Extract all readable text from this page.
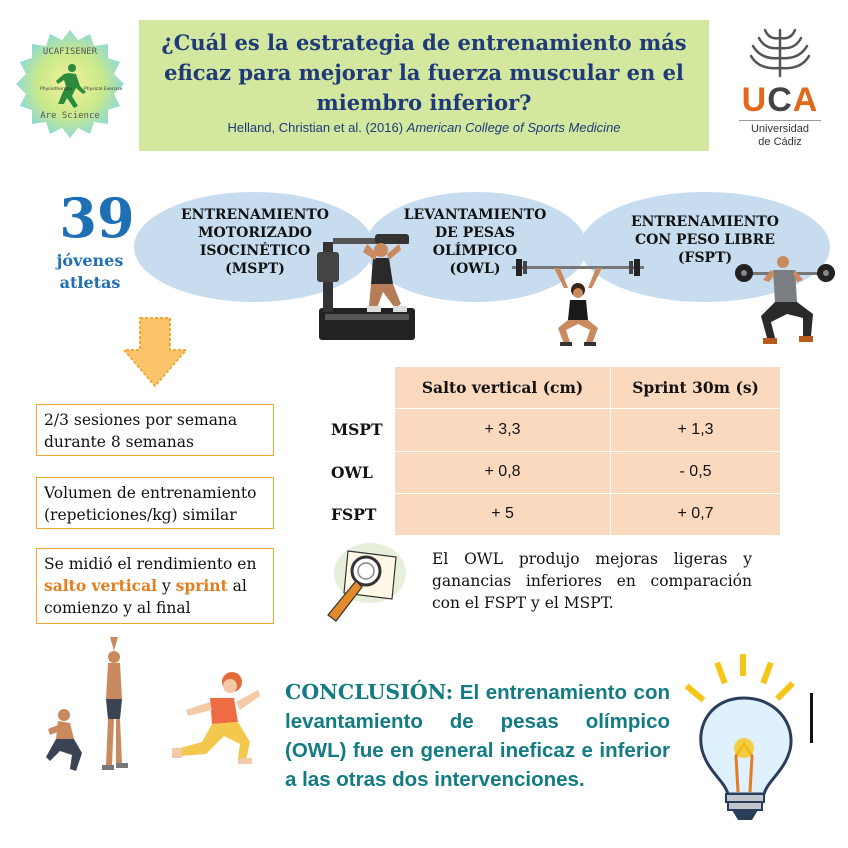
UCAFISENER
Physiotherapy	Physical Exercise
Are Science
¿Cuál es la estrategia de entrenamiento más
eficaz para mejorar la fuerza muscular en el
miembro inferior?
Helland, Christian et al. (2016) American College of Sports Medicine
UCA
Universidad
de Cádiz
39
jóvenes
atletas
ENTRENAMIENTO
MOTORIZADO
ISOCINÉTICO
(MSPT)
LEVANTAMIENTO
DE PESAS
OLÍMPICO
(OWL)
ENTRENAMIENTO
CON PESO LIBRE
(FSPT)
2/3 sesiones por semana
durante 8 semanas
Volumen de entrenamiento
(repeticiones/kg) similar
Se midió el rendimiento en
salto vertical y sprint al
comienzo y al final
	Salto vertical (cm)	Sprint 30m (s)
MSPT	+ 3,3	+ 1,3
OWL	+ 0,8	- 0,5
FSPT	+ 5	+ 0,7
El OWL produjo mejoras ligeras y ganancias inferiores en comparación con el FSPT y el MSPT.
CONCLUSIÓN: El entrenamiento con levantamiento de pesas olímpico (OWL) fue en general ineficaz e inferior a las otras dos intervenciones.
